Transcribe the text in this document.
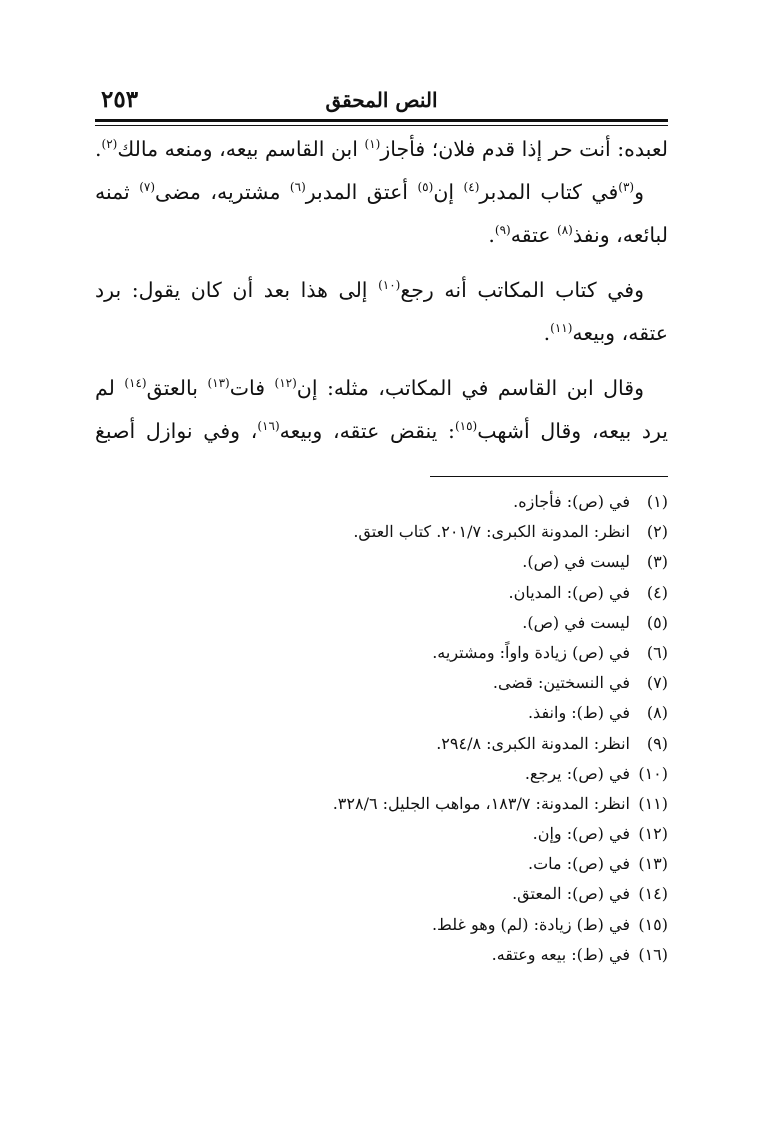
٢٥٣	النص المحقق
لعبده: أنت حر إذا قدم فلان؛ فأجاز$^{(١)}$ ابن القاسم بيعه، ومنعه مالك$^{(٢)}$.
و$^{(٣)}$في كتاب المدبر$^{(٤)}$ إن$^{(٥)}$ أعتق المدبر$^{(٦)}$ مشتريه، مضى$^{(٧)}$ ثمنه
لبائعه، ونفذ$^{(٨)}$ عتقه$^{(٩)}$.
وفي كتاب المكاتب أنه رجع$^{(١٠)}$ إلى هذا بعد أن كان يقول: برد
عتقه، وبيعه$^{(١١)}$.
وقال ابن القاسم في المكاتب، مثله: إن$^{(١٢)}$ فات$^{(١٣)}$ بالعتق$^{(١٤)}$ لم
يرد بيعه، وقال أشهب$^{(١٥)}$: ينقض عتقه، وبيعه$^{(١٦)}$، وفي نوازل أصبغ
(١)في (ص): فأجازه.
(٢)انظر: المدونة الكبرى: ٢٠١/٧. كتاب العتق.
(٣)ليست في (ص).
(٤)في (ص): المديان.
(٥)ليست في (ص).
(٦)في (ص) زيادة واواً: ومشتريه.
(٧)في النسختين: قضى.
(٨)في (ط): وانفذ.
(٩)انظر: المدونة الكبرى: ٢٩٤/٨.
(١٠)في (ص): يرجع.
(١١)انظر: المدونة: ١٨٣/٧، مواهب الجليل: ٣٢٨/٦.
(١٢)في (ص): وإن.
(١٣)في (ص): مات.
(١٤)في (ص): المعتق.
(١٥)في (ط) زيادة: (لم) وهو غلط.
(١٦)في (ط): بيعه وعتقه.
